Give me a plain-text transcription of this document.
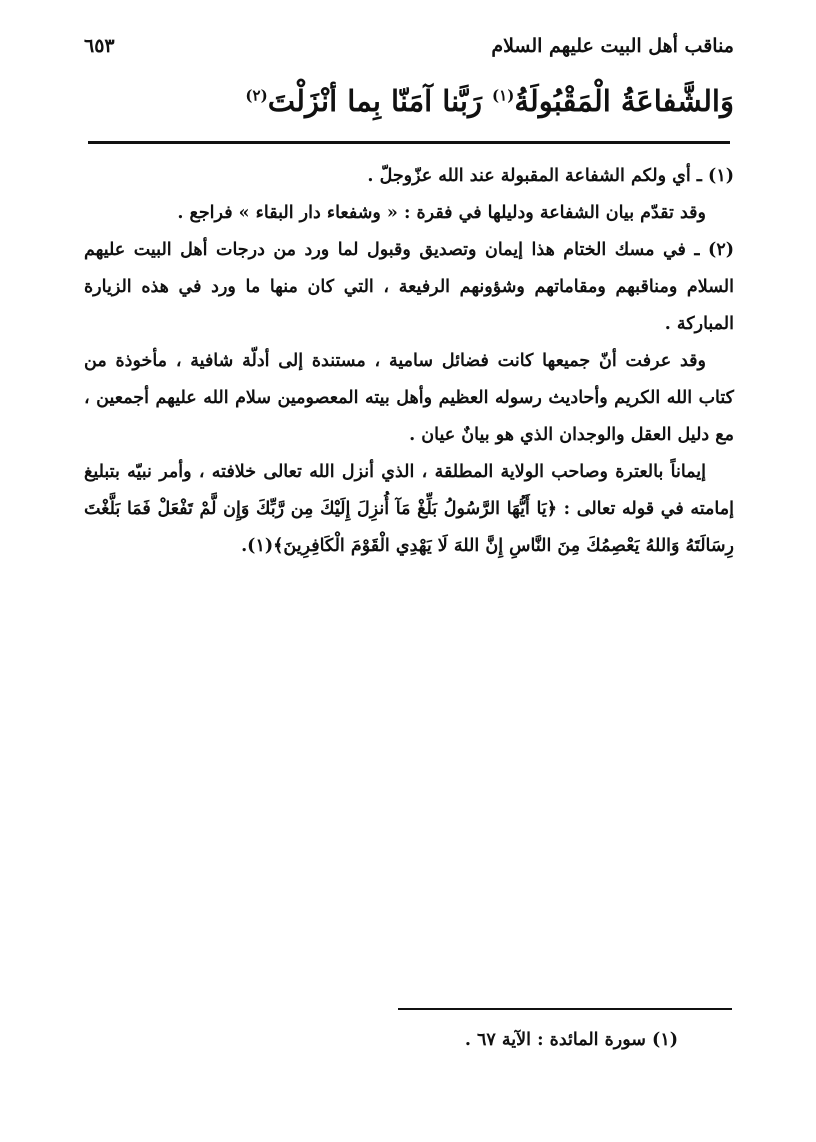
مناقب أهل البيت عليهم السلام
٦٥٣
وَالشَّفاعَةُ الْمَقْبُولَةُ$^{(١)}$ رَبَّنا آمَنّا بِما أنْزَلْتَ$^{(٢)}$

(١) ـ أي ولكم الشفاعة المقبولة عند الله عزّوجلّ .

وقد تقدّم بيان الشفاعة ودليلها في فقرة : « وشفعاء دار البقاء » فراجع .

(٢) ـ في مسك الختام هذا إيمان وتصديق وقبول لما ورد من درجات أهل البيت عليهم السلام ومناقبهم ومقاماتهم وشؤونهم الرفيعة ، التي كان منها ما ورد في هذه الزيارة المباركة .

وقد عرفت أنّ جميعها كانت فضائل سامية ، مستندة إلى أدلّة شافية ، مأخوذة من كتاب الله الكريم وأحاديث رسوله العظيم وأهل بيته المعصومين سلام الله عليهم أجمعين ، مع دليل العقل والوجدان الذي هو بيانٌ عيان .

إيماناً بالعترة وصاحب الولاية المطلقة ، الذي أنزل الله تعالى خلافته ، وأمر نبيّه بتبليغ إمامته في قوله تعالى : ﴿يَا أَيُّهَا الرَّسُولُ بَلِّغْ مَآ أُنزِلَ إِلَيْكَ مِن رَّبِّكَ وَإِن لَّمْ تَفْعَلْ فَمَا بَلَّغْتَ رِسَالَتَهُ وَاللهُ يَعْصِمُكَ مِنَ النَّاسِ إِنَّ اللهَ لَا يَهْدِي الْقَوْمَ الْكَافِرِينَ﴾(١).

(١) سورة المائدة : الآية ٦٧ .
